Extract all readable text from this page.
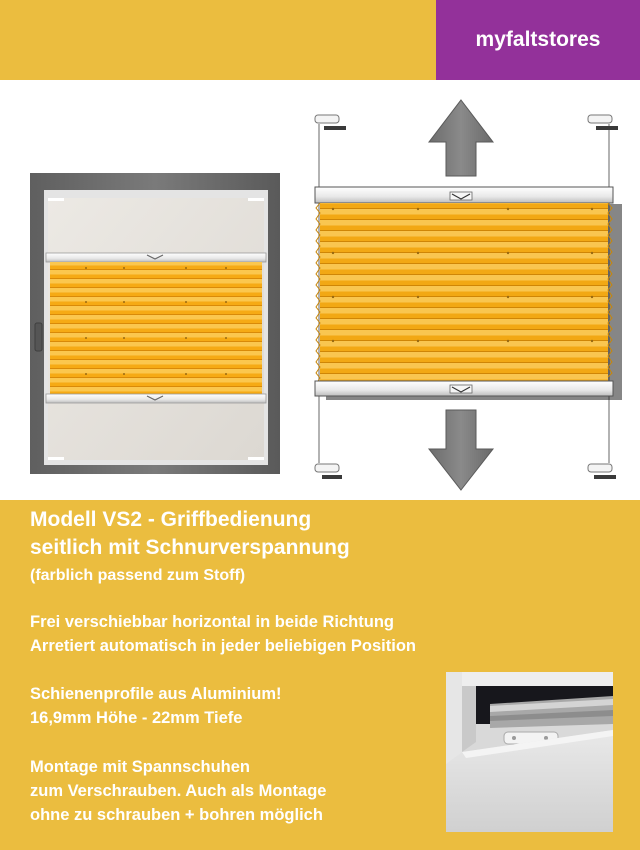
myfaltstores
Modell VS2 - Griffbedienung
seitlich mit Schnurverspannung
(farblich passend zum Stoff)
Frei verschiebbar horizontal in beide Richtung
Arretiert automatisch in jeder beliebigen Position
Schienenprofile aus Aluminium!
16,9mm Höhe - 22mm Tiefe
Montage mit Spannschuhen
zum Verschrauben. Auch als Montage
ohne zu schrauben + bohren möglich
